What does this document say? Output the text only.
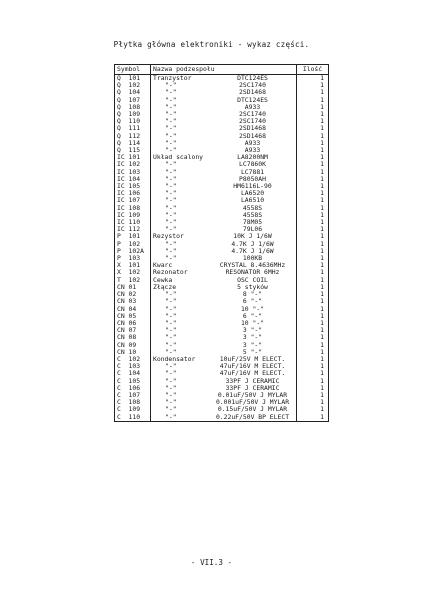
Płytka główna elektroniki - wykaz części.
Symbol	Nazwa podzespołu	Ilość
Q  101	Tranzystor DTC124ES	1
Q  102	"-" 2SC1740	1
Q  104	"-" 2SD1468	1
Q  107	"-" DTC124ES	1
Q  108	"-" A933	1
Q  109	"-" 2SC1740	1
Q  110	"-" 2SC1740	1
Q  111	"-" 2SD1468	1
Q  112	"-" 2SD1468	1
Q  114	"-" A933	1
Q  115	"-" A933	1
IC 101	Układ scalony LA8200NM	1
IC 102	"-" LC7860K	1
IC 103	"-" LC7881	1
IC 104	"-" P8050AH	1
IC 105	"-" HM6116L-90	1
IC 106	"-" LA6520	1
IC 107	"-" LA6510	1
IC 108	"-" 4558S	1
IC 109	"-" 4558S	1
IC 110	"-" 78M05	1
IC 112	"-" 79L06	1
P  101	Rezystor 10K J 1/6W	1
P  102	"-" 4.7K J 1/6W	1
P  102A	"-" 4.7K J 1/6W	1
P  103	"-" 100KB	1
X  101	Kwarc CRYSTAL 8.4636MHz	1
X  102	Rezonator RESONATOR 6MHz	1
T  102	Cewka OSC COIL	1
CN 01	Złącze 5 styków	1
CN 02	"-" 8 "-"	1
CN 03	"-" 6 "-"	1
CN 04	"-" 10 "-"	1
CN 05	"-" 6 "-"	1
CN 06	"-" 10 "-"	1
CN 07	"-" 3 "-"	1
CN 08	"-" 3 "-"	1
CN 09	"-" 3 "-"	1
CN 10	"-" 5 "-"	1
C  102	Kondensator 10uF/25V M ELECT.	1
C  103	"-" 47uF/16V M ELECT.	1
C  104	"-" 47uF/16V M ELECT.	1
C  105	"-" 33PF J CERAMIC	1
C  106	"-" 33PF J CERAMIC	1
C  107	"-" 0.01uF/50V J MYLAR	1
C  108	"-" 0.001uF/50V J MYLAR	1
C  109	"-" 0.15uF/50V J MYLAR	1
C  110	"-" 0.22uF/50V BP ELECT	1
- VII.3 -
